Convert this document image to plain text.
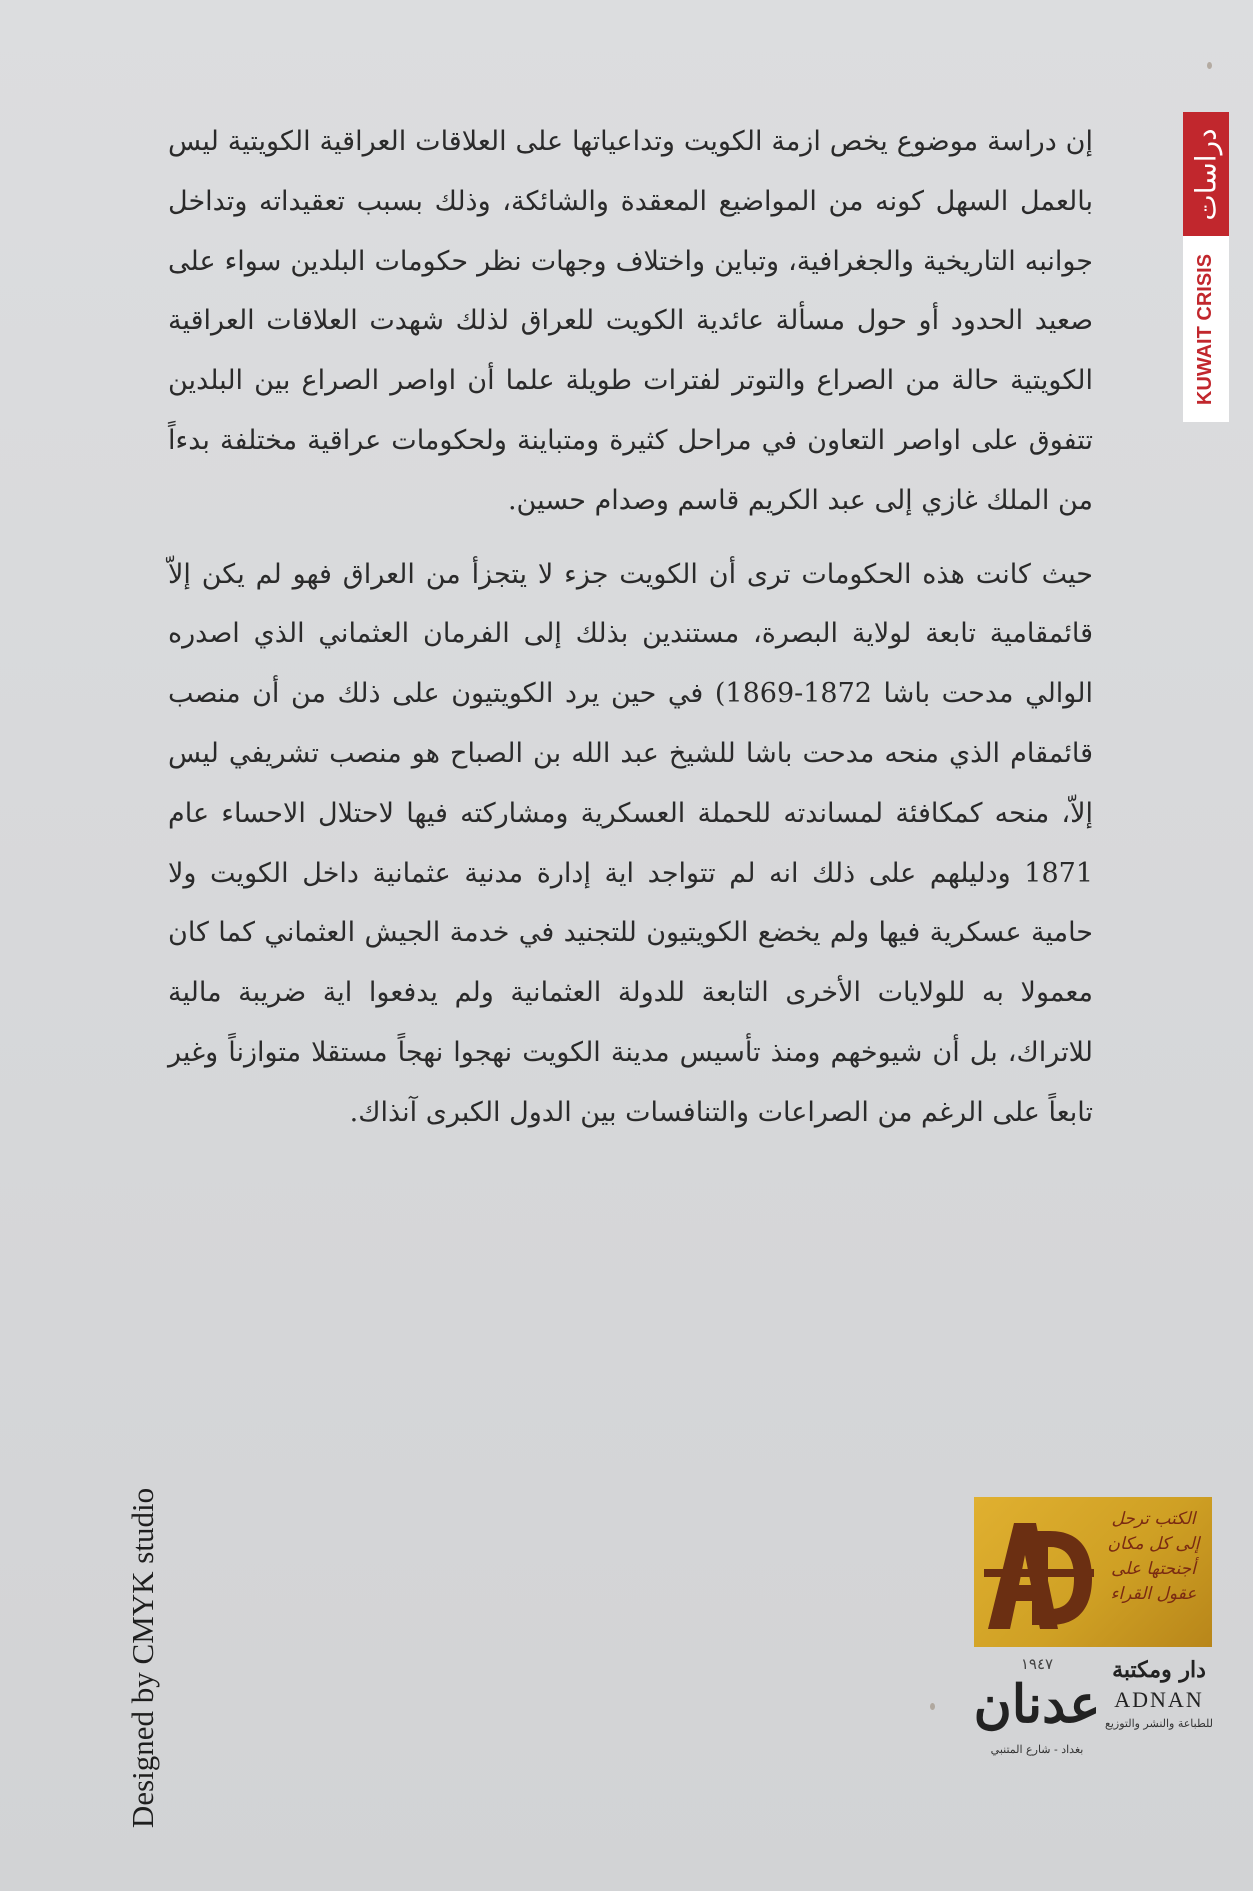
دراسات
KUWAIT CRISIS

إن دراسة موضوع يخص ازمة الكويت وتداعياتها على العلاقات العراقية الكويتية ليس بالعمل السهل كونه من المواضيع المعقدة والشائكة، وذلك بسبب تعقيداته وتداخل جوانبه التاريخية والجغرافية، وتباين واختلاف وجهات نظر حكومات البلدين سواء على صعيد الحدود أو حول مسألة عائدية الكويت للعراق لذلك شهدت العلاقات العراقية الكويتية حالة من الصراع والتوتر لفترات طويلة علما أن اواصر الصراع بين البلدين تتفوق على اواصر التعاون في مراحل كثيرة ومتباينة ولحكومات عراقية مختلفة بدءاً من الملك غازي إلى عبد الكريم قاسم وصدام حسين.

حيث كانت هذه الحكومات ترى أن الكويت جزء لا يتجزأ من العراق فهو لم يكن إلاّ قائمقامية تابعة لولاية البصرة، مستندين بذلك إلى الفرمان العثماني الذي اصدره الوالي مدحت باشا 1872-1869) في حين يرد الكويتيون على ذلك من أن منصب قائمقام الذي منحه مدحت باشا للشيخ عبد الله بن الصباح هو منصب تشريفي ليس إلاّ، منحه كمكافئة لمساندته للحملة العسكرية ومشاركته فيها لاحتلال الاحساء عام 1871 ودليلهم على ذلك انه لم تتواجد اية إدارة مدنية عثمانية داخل الكويت ولا حامية عسكرية فيها ولم يخضع الكويتيون للتجنيد في خدمة الجيش العثماني كما كان معمولا به للولايات الأخرى التابعة للدولة العثمانية ولم يدفعوا اية ضريبة مالية للاتراك، بل أن شيوخهم ومنذ تأسيس مدينة الكويت نهجوا نهجاً مستقلا متوازناً وغير تابعاً على الرغم من الصراعات والتنافسات بين الدول الكبرى آنذاك.

Designed by CMYK studio	الكتب ترحل إلى كل مكان أجنحتها على عقول القراء
١٩٤٧
عدنان
بغداد - شارع المتنبي
دار ومكتبة
ADNAN
للطباعة والنشر والتوزيع
